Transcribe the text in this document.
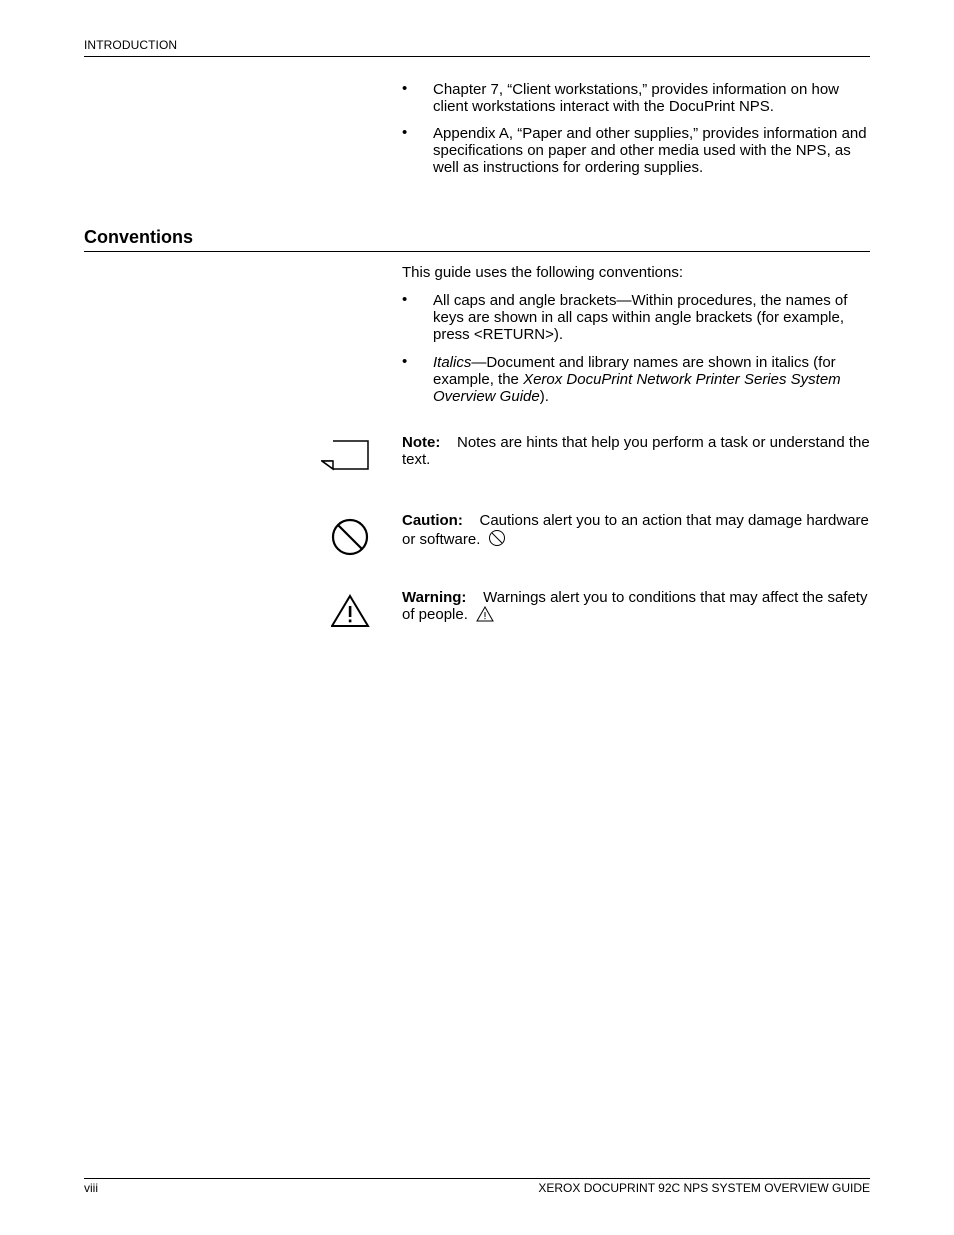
INTRODUCTION
• Chapter 7, “Client workstations,” provides information on how client workstations interact with the DocuPrint NPS.
• Appendix A, “Paper and other supplies,” provides information and specifications on paper and other media used with the NPS, as well as instructions for ordering supplies.
Conventions
This guide uses the following conventions:
• All caps and angle brackets—Within procedures, the names of keys are shown in all caps within angle brackets (for example, press <RETURN>).
• Italics—Document and library names are shown in italics (for example, the Xerox DocuPrint Network Printer Series System Overview Guide).
Note: Notes are hints that help you perform a task or understand the text.
Caution: Cautions alert you to an action that may damage hardware or software.
Warning: Warnings alert you to conditions that may affect the safety of people.
viii	XEROX DOCUPRINT 92C NPS SYSTEM OVERVIEW GUIDE
